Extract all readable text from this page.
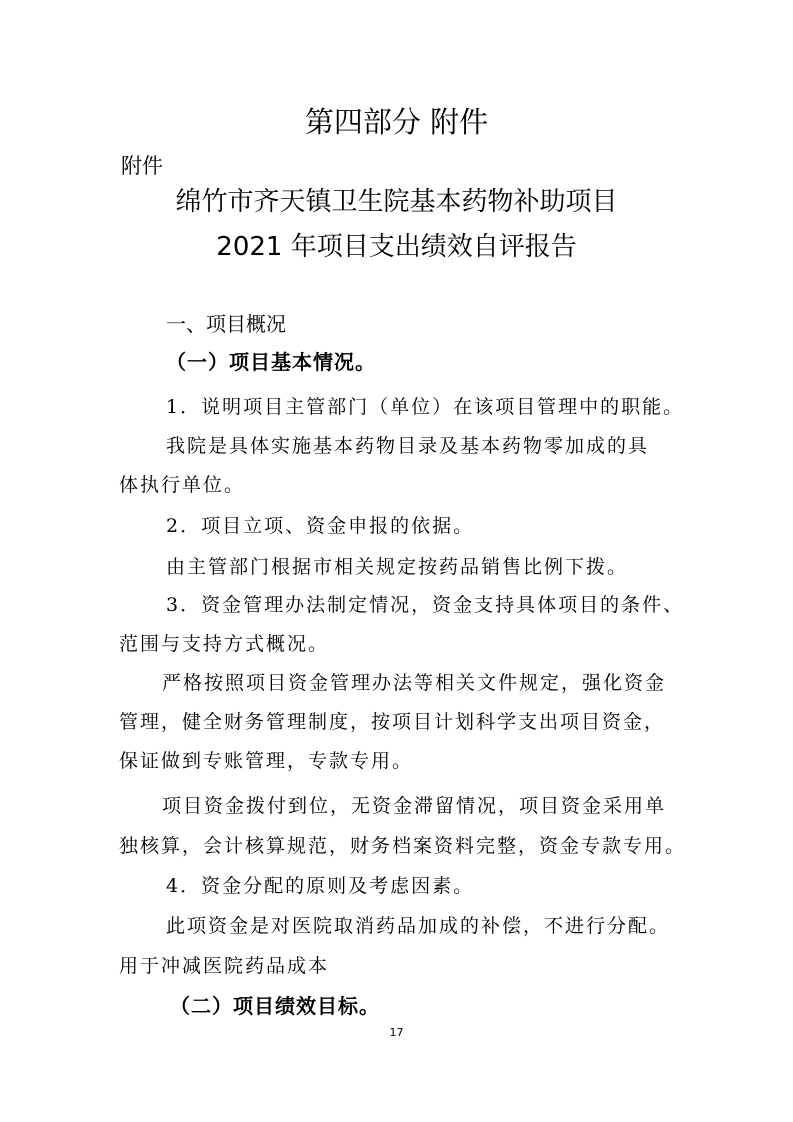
第四部分 附件
附件
绵竹市齐天镇卫生院基本药物补助项目
2021 年项目支出绩效自评报告
一、项目概况
（一）项目基本情况。
1．说明项目主管部门（单位）在该项目管理中的职能。
我院是具体实施基本药物目录及基本药物零加成的具
体执行单位。
2．项目立项、资金申报的依据。
由主管部门根据市相关规定按药品销售比例下拨。
3．资金管理办法制定情况，资金支持具体项目的条件、
范围与支持方式概况。
严格按照项目资金管理办法等相关文件规定，强化资金
管理，健全财务管理制度，按项目计划科学支出项目资金，
保证做到专账管理，专款专用。
项目资金拨付到位，无资金滞留情况，项目资金采用单
独核算，会计核算规范，财务档案资料完整，资金专款专用。
4．资金分配的原则及考虑因素。
此项资金是对医院取消药品加成的补偿，不进行分配。
用于冲减医院药品成本
（二）项目绩效目标。
17
